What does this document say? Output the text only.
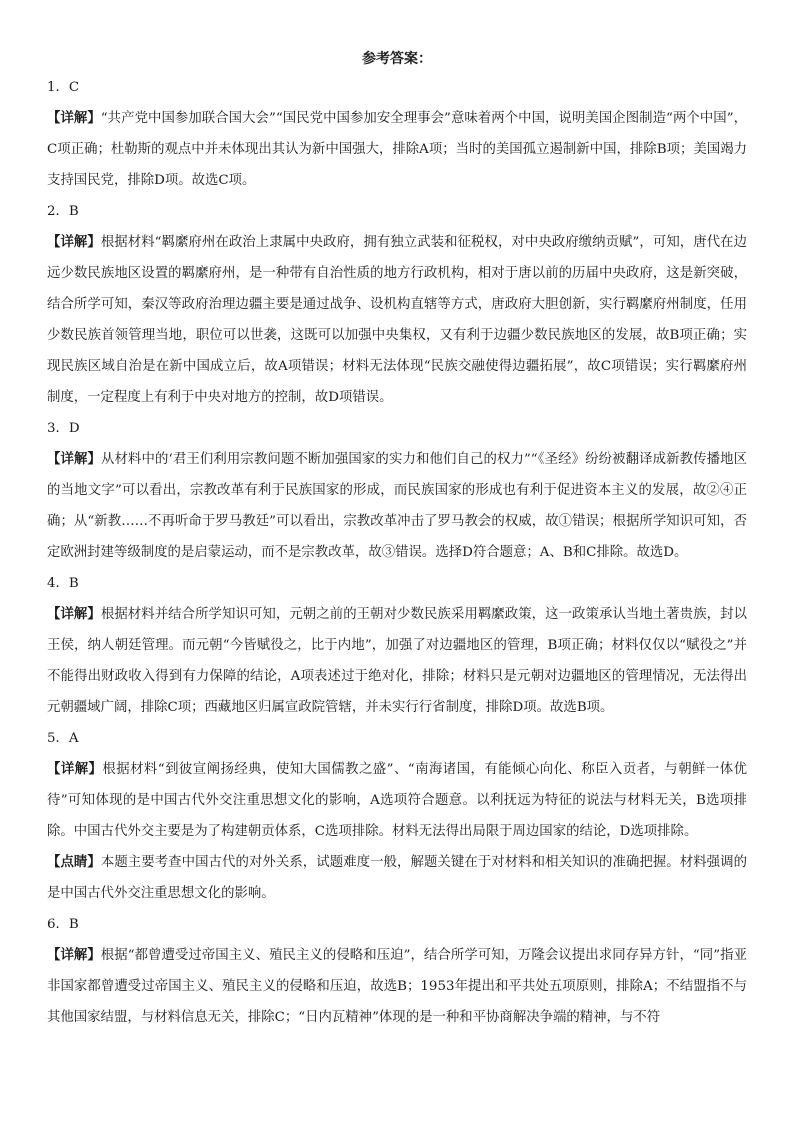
参考答案：
1．C
【详解】“共产党中国参加联合国大会”“国民党中国参加安全理事会”意味着两个中国，说明美国企图制造“两个中国”，C项正确；杜勒斯的观点中并未体现出其认为新中国强大，排除A项；当时的美国孤立遏制新中国，排除B项；美国竭力支持国民党，排除D项。故选C项。
2．B
【详解】根据材料“羁縻府州在政治上隶属中央政府，拥有独立武装和征税权，对中央政府缴纳贡赋”，可知，唐代在边远少数民族地区设置的羁縻府州，是一种带有自治性质的地方行政机构，相对于唐以前的历届中央政府，这是新突破，结合所学可知，秦汉等政府治理边疆主要是通过战争、设机构直辖等方式，唐政府大胆创新，实行羁縻府州制度，任用少数民族首领管理当地，职位可以世袭，这既可以加强中央集权，又有利于边疆少数民族地区的发展，故B项正确；实现民族区域自治是在新中国成立后，故A项错误；材料无法体现“民族交融使得边疆拓展”，故C项错误；实行羁縻府州制度，一定程度上有利于中央对地方的控制，故D项错误。
3．D
【详解】从材料中的‘君王们利用宗教问题不断加强国家的实力和他们自己的权力”“《圣经》纷纷被翻译成新教传播地区的当地文字”可以看出，宗教改革有利于民族国家的形成，而民族国家的形成也有利于促进资本主义的发展，故②④正确；从“新教……不再听命于罗马教廷”可以看出，宗教改革冲击了罗马教会的权威，故①错误；根据所学知识可知，否定欧洲封建等级制度的是启蒙运动，而不是宗教改革，故③错误。选择D符合题意；A、B和C排除。故选D。
4．B
【详解】根据材料并结合所学知识可知，元朝之前的王朝对少数民族采用羁縻政策，这一政策承认当地土著贵族，封以王侯，纳人朝廷管理。而元朝“今皆赋役之，比于内地”，加强了对边疆地区的管理，B项正确；材料仅仅以“赋役之”并不能得出财政收入得到有力保障的结论，A项表述过于绝对化，排除；材料只是元朝对边疆地区的管理情况，无法得出元朝疆域广阔，排除C项；西藏地区归属宣政院管辖，并未实行行省制度，排除D项。故选B项。
5．A
【详解】根据材料“到彼宣阐扬经典，使知大国儒教之盛”、“南海诸国，有能倾心向化、称臣入贡者，与朝鲜一体优待”可知体现的是中国古代外交注重思想文化的影响，A选项符合题意。以利抚远为特征的说法与材料无关，B选项排除。中国古代外交主要是为了构建朝贡体系，C选项排除。材料无法得出局限于周边国家的结论，D选项排除。
【点睛】本题主要考查中国古代的对外关系，试题难度一般，解题关键在于对材料和相关知识的准确把握。材料强调的是中国古代外交注重思想文化的影响。
6．B
【详解】根据“都曾遭受过帝国主义、殖民主义的侵略和压迫”，结合所学可知，万隆会议提出求同存异方针，“同”指亚非国家都曾遭受过帝国主义、殖民主义的侵略和压迫，故选B；1953年提出和平共处五项原则，排除A；不结盟指不与其他国家结盟，与材料信息无关，排除C；“日内瓦精神”体现的是一种和平协商解决争端的精神，与不符
